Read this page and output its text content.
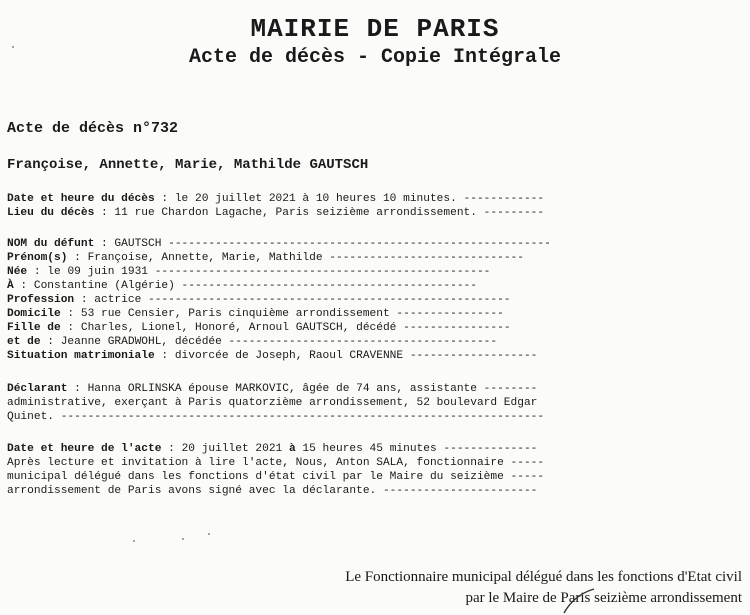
MAIRIE DE PARIS
Acte de décès - Copie Intégrale
Acte de décès n°732
Françoise, Annette, Marie, Mathilde GAUTSCH
Date et heure du décès : le 20 juillet 2021 à 10 heures 10 minutes. ------------
Lieu du décès : 11 rue Chardon Lagache, Paris seizième arrondissement. ---------
NOM du défunt : GAUTSCH ---------------------------------------------------------
Prénom(s) : Françoise, Annette, Marie, Mathilde -----------------------------
Née : le 09 juin 1931 --------------------------------------------------
À : Constantine (Algérie) --------------------------------------------
Profession : actrice ------------------------------------------------------
Domicile : 53 rue Censier, Paris cinquième arrondissement ----------------
Fille de : Charles, Lionel, Honoré, Arnoul GAUTSCH, décédé ----------------
et de : Jeanne GRADWOHL, décédée ----------------------------------------
Situation matrimoniale : divorcée de Joseph, Raoul CRAVENNE -------------------
Déclarant : Hanna ORLINSKA épouse MARKOVIC, âgée de 74 ans, assistante --------
administrative, exerçant à Paris quatorzième arrondissement, 52 boulevard Edgar
Quinet. ------------------------------------------------------------------------
Date et heure de l'acte : 20 juillet 2021 à 15 heures 45 minutes --------------
Après lecture et invitation à lire l'acte, Nous, Anton SALA, fonctionnaire -----
municipal délégué dans les fonctions d'état civil par le Maire du seizième -----
arrondissement de Paris avons signé avec la déclarante. -----------------------
Le Fonctionnaire municipal délégué dans les fonctions d'Etat civil
par le Maire de Paris seizième arrondissement
